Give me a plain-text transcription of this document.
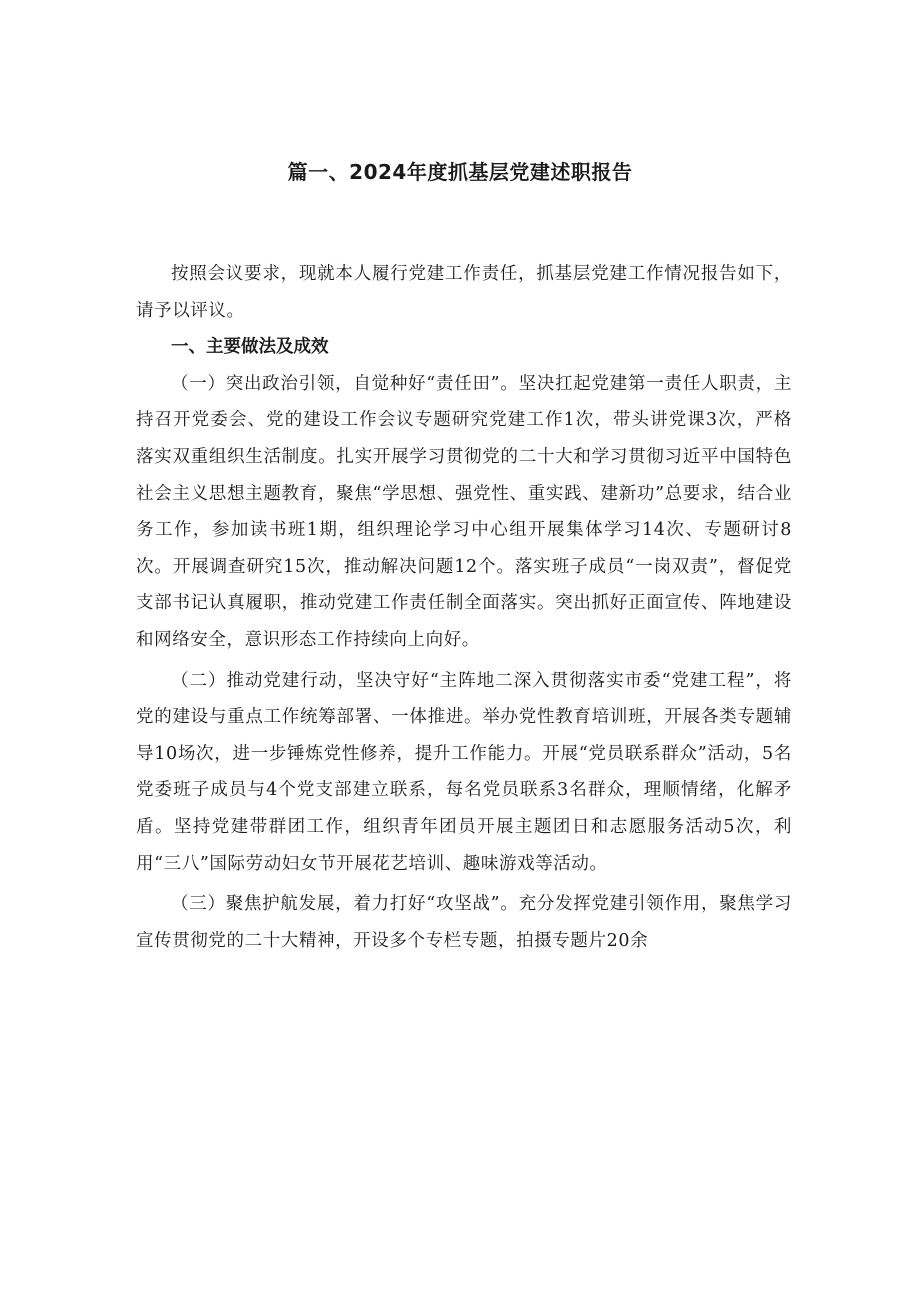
篇一、2024年度抓基层党建述职报告

按照会议要求，现就本人履行党建工作责任，抓基层党建工作情况报告如下，请予以评议。

一、主要做法及成效

（一）突出政治引领，自觉种好“责任田”。坚决扛起党建第一责任人职责，主持召开党委会、党的建设工作会议专题研究党建工作1次，带头讲党课3次，严格落实双重组织生活制度。扎实开展学习贯彻党的二十大和学习贯彻习近平中国特色社会主义思想主题教育，聚焦“学思想、强党性、重实践、建新功”总要求，结合业务工作，参加读书班1期，组织理论学习中心组开展集体学习14次、专题研讨8次。开展调查研究15次，推动解决问题12个。落实班子成员“一岗双责”，督促党支部书记认真履职，推动党建工作责任制全面落实。突出抓好正面宣传、阵地建设和网络安全，意识形态工作持续向上向好。

（二）推动党建行动，坚决守好“主阵地二深入贯彻落实市委“党建工程”，将党的建设与重点工作统筹部署、一体推进。举办党性教育培训班，开展各类专题辅导10场次，进一步锤炼党性修养，提升工作能力。开展“党员联系群众”活动，5名党委班子成员与4个党支部建立联系，每名党员联系3名群众，理顺情绪，化解矛盾。坚持党建带群团工作，组织青年团员开展主题团日和志愿服务活动5次，利用“三八”国际劳动妇女节开展花艺培训、趣味游戏等活动。

（三）聚焦护航发展，着力打好“攻坚战”。充分发挥党建引领作用，聚焦学习宣传贯彻党的二十大精神，开设多个专栏专题，拍摄专题片20余
